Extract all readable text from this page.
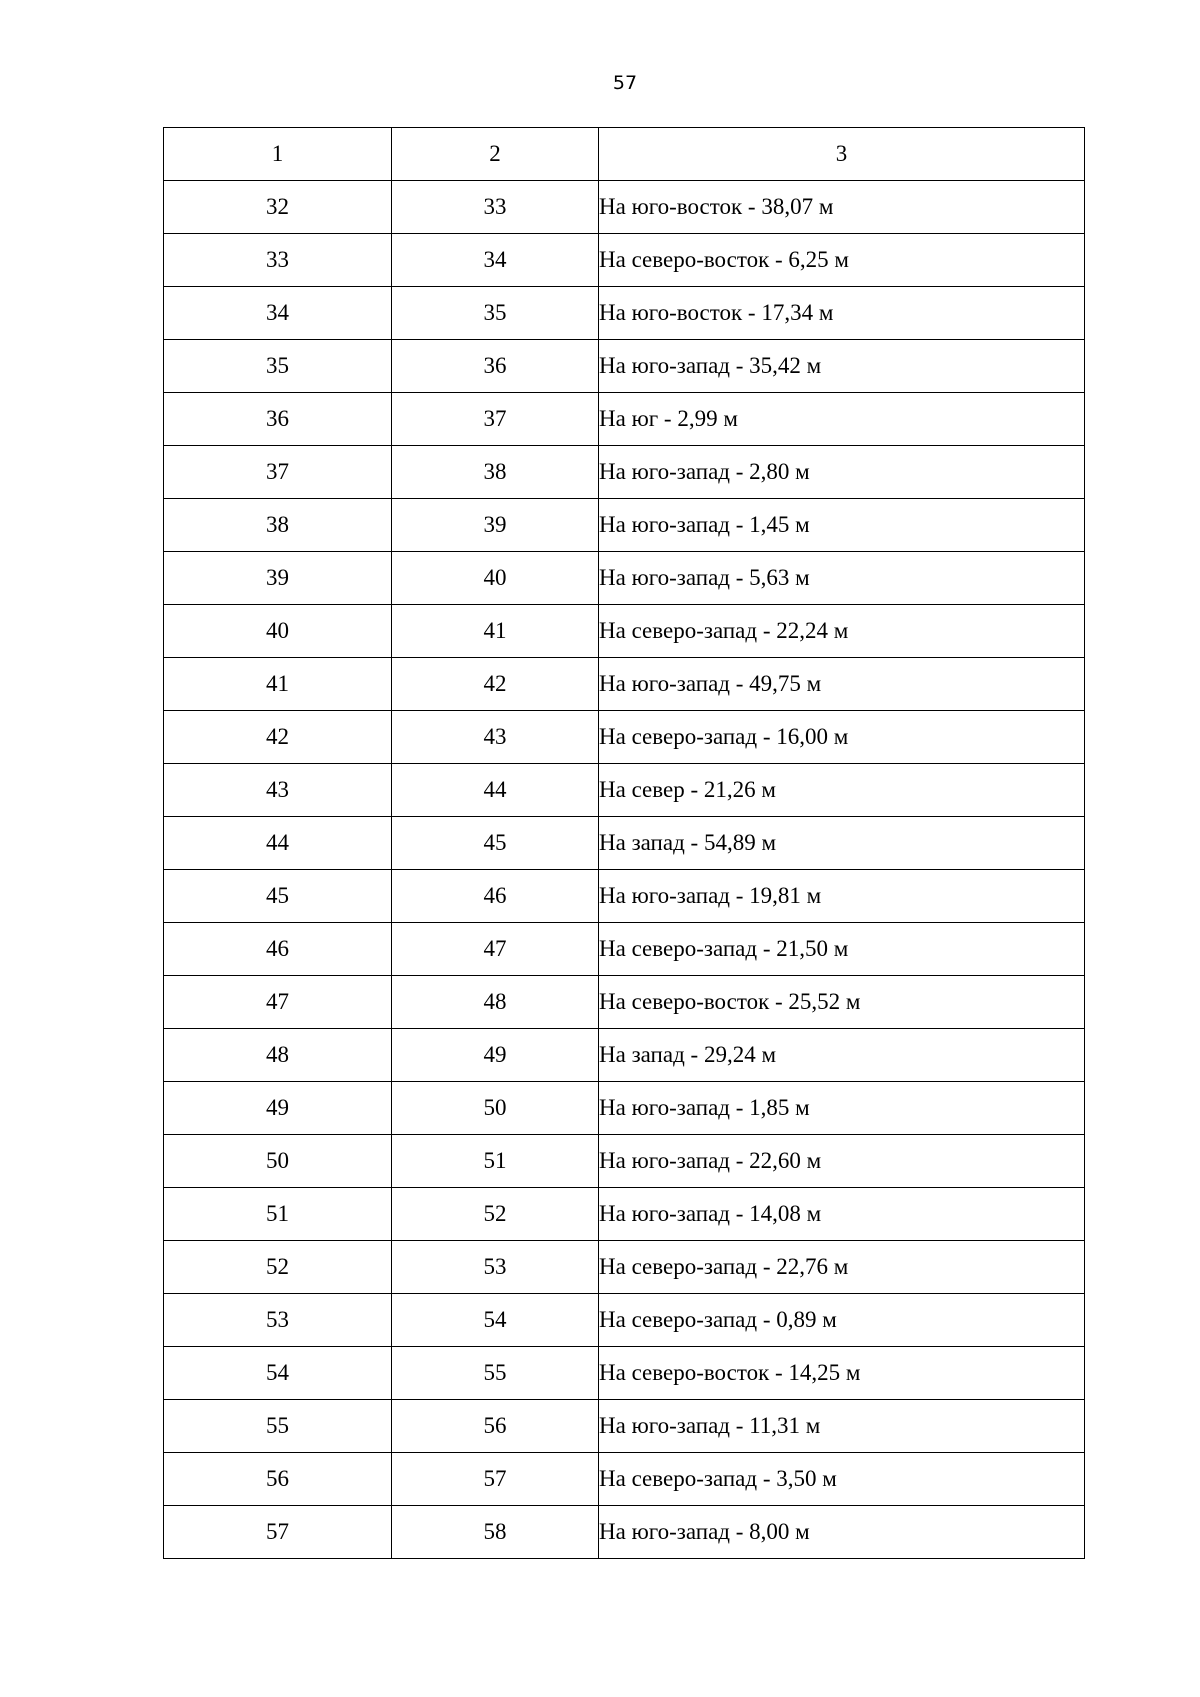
57
1	2	3
32	33	На юго-восток - 38,07 м
33	34	На северо-восток - 6,25 м
34	35	На юго-восток - 17,34 м
35	36	На юго-запад - 35,42 м
36	37	На юг - 2,99 м
37	38	На юго-запад - 2,80 м
38	39	На юго-запад - 1,45 м
39	40	На юго-запад - 5,63 м
40	41	На северо-запад - 22,24 м
41	42	На юго-запад - 49,75 м
42	43	На северо-запад - 16,00 м
43	44	На север - 21,26 м
44	45	На запад - 54,89 м
45	46	На юго-запад - 19,81 м
46	47	На северо-запад - 21,50 м
47	48	На северо-восток - 25,52 м
48	49	На запад - 29,24 м
49	50	На юго-запад - 1,85 м
50	51	На юго-запад - 22,60 м
51	52	На юго-запад - 14,08 м
52	53	На северо-запад - 22,76 м
53	54	На северо-запад - 0,89 м
54	55	На северо-восток - 14,25 м
55	56	На юго-запад - 11,31 м
56	57	На северо-запад - 3,50 м
57	58	На юго-запад - 8,00 м
